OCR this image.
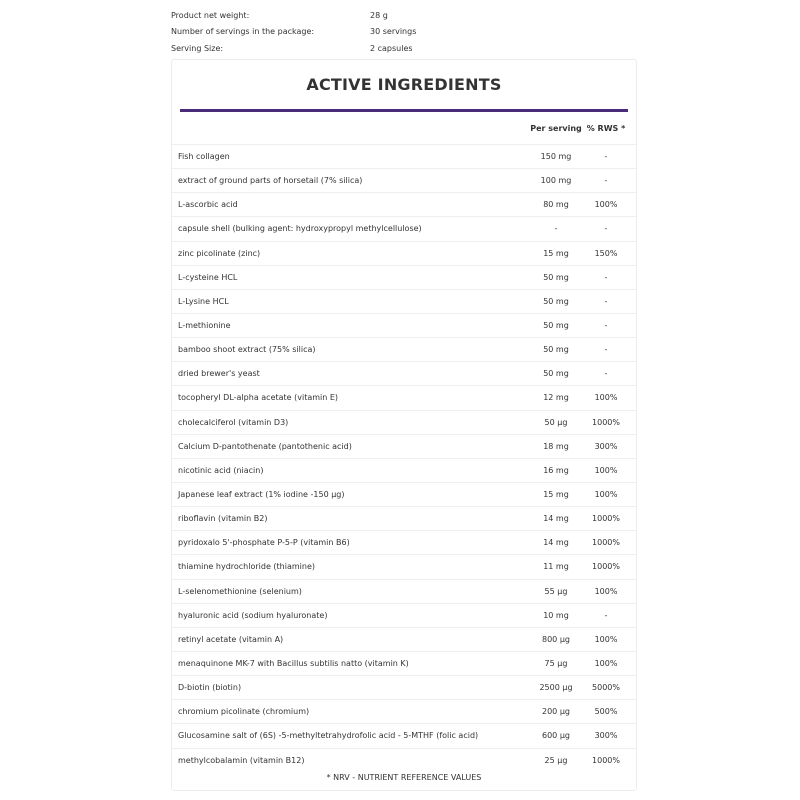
Product net weight:	28 g
Number of servings in the package:	30 servings
Serving Size:	2 capsules
ACTIVE INGREDIENTS
Per serving % RWS *
Fish collagen	150 mg	-
extract of ground parts of horsetail (7% silica)	100 mg	-
L-ascorbic acid	80 mg	100%
capsule shell (bulking agent: hydroxypropyl methylcellulose)	-	-
zinc picolinate (zinc)	15 mg	150%
L-cysteine HCL	50 mg	-
L-Lysine HCL	50 mg	-
L-methionine	50 mg	-
bamboo shoot extract (75% silica)	50 mg	-
dried brewer's yeast	50 mg	-
tocopheryl DL-alpha acetate (vitamin E)	12 mg	100%
cholecalciferol (vitamin D3)	50 µg	1000%
Calcium D-pantothenate (pantothenic acid)	18 mg	300%
nicotinic acid (niacin)	16 mg	100%
Japanese leaf extract (1% iodine -150 µg)	15 mg	100%
riboflavin (vitamin B2)	14 mg	1000%
pyridoxalo 5'-phosphate P-5-P (vitamin B6)	14 mg	1000%
thiamine hydrochloride (thiamine)	11 mg	1000%
L-selenomethionine (selenium)	55 µg	100%
hyaluronic acid (sodium hyaluronate)	10 mg	-
retinyl acetate (vitamin A)	800 µg	100%
menaquinone MK-7 with Bacillus subtilis natto (vitamin K)	75 µg	100%
D-biotin (biotin)	2500 µg	5000%
chromium picolinate (chromium)	200 µg	500%
Glucosamine salt of (6S) -5-methyltetrahydrofolic acid - 5-MTHF (folic acid)	600 µg	300%
methylcobalamin (vitamin B12)	25 µg	1000%
* NRV - NUTRIENT REFERENCE VALUES
